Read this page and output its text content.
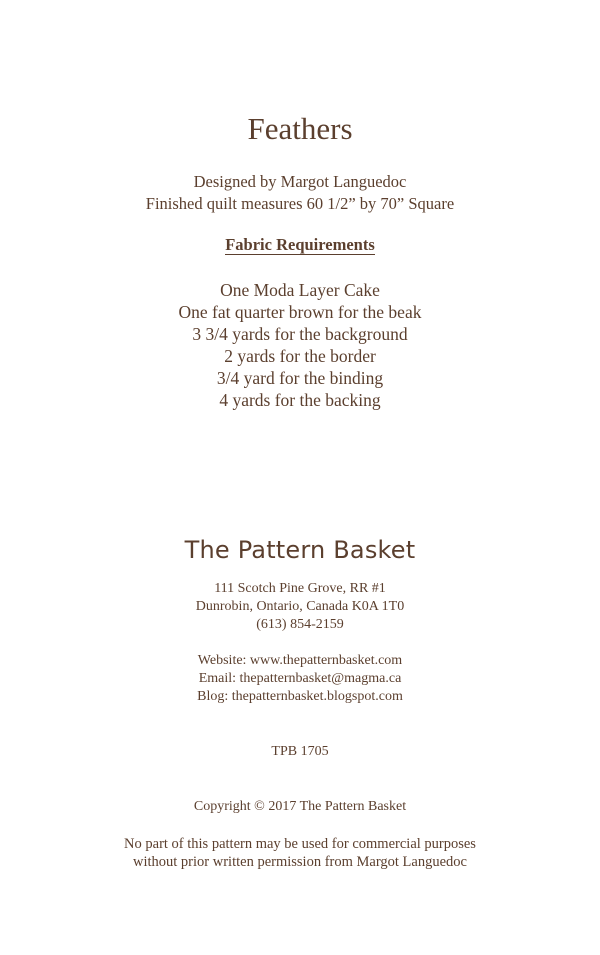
Feathers
Designed by Margot Languedoc
Finished quilt measures 60 1/2” by 70” Square
Fabric Requirements
One Moda Layer Cake
One fat quarter brown for the beak
3 3/4 yards for the background
2 yards for the border
3/4 yard for the binding
4 yards for the backing
The Pattern Basket
111 Scotch Pine Grove, RR #1
Dunrobin, Ontario, Canada K0A 1T0
(613) 854-2159
Website: www.thepatternbasket.com
Email: thepatternbasket@magma.ca
Blog: thepatternbasket.blogspot.com
TPB 1705
Copyright © 2017 The Pattern Basket
No part of this pattern may be used for commercial purposes
without prior written permission from Margot Languedoc
